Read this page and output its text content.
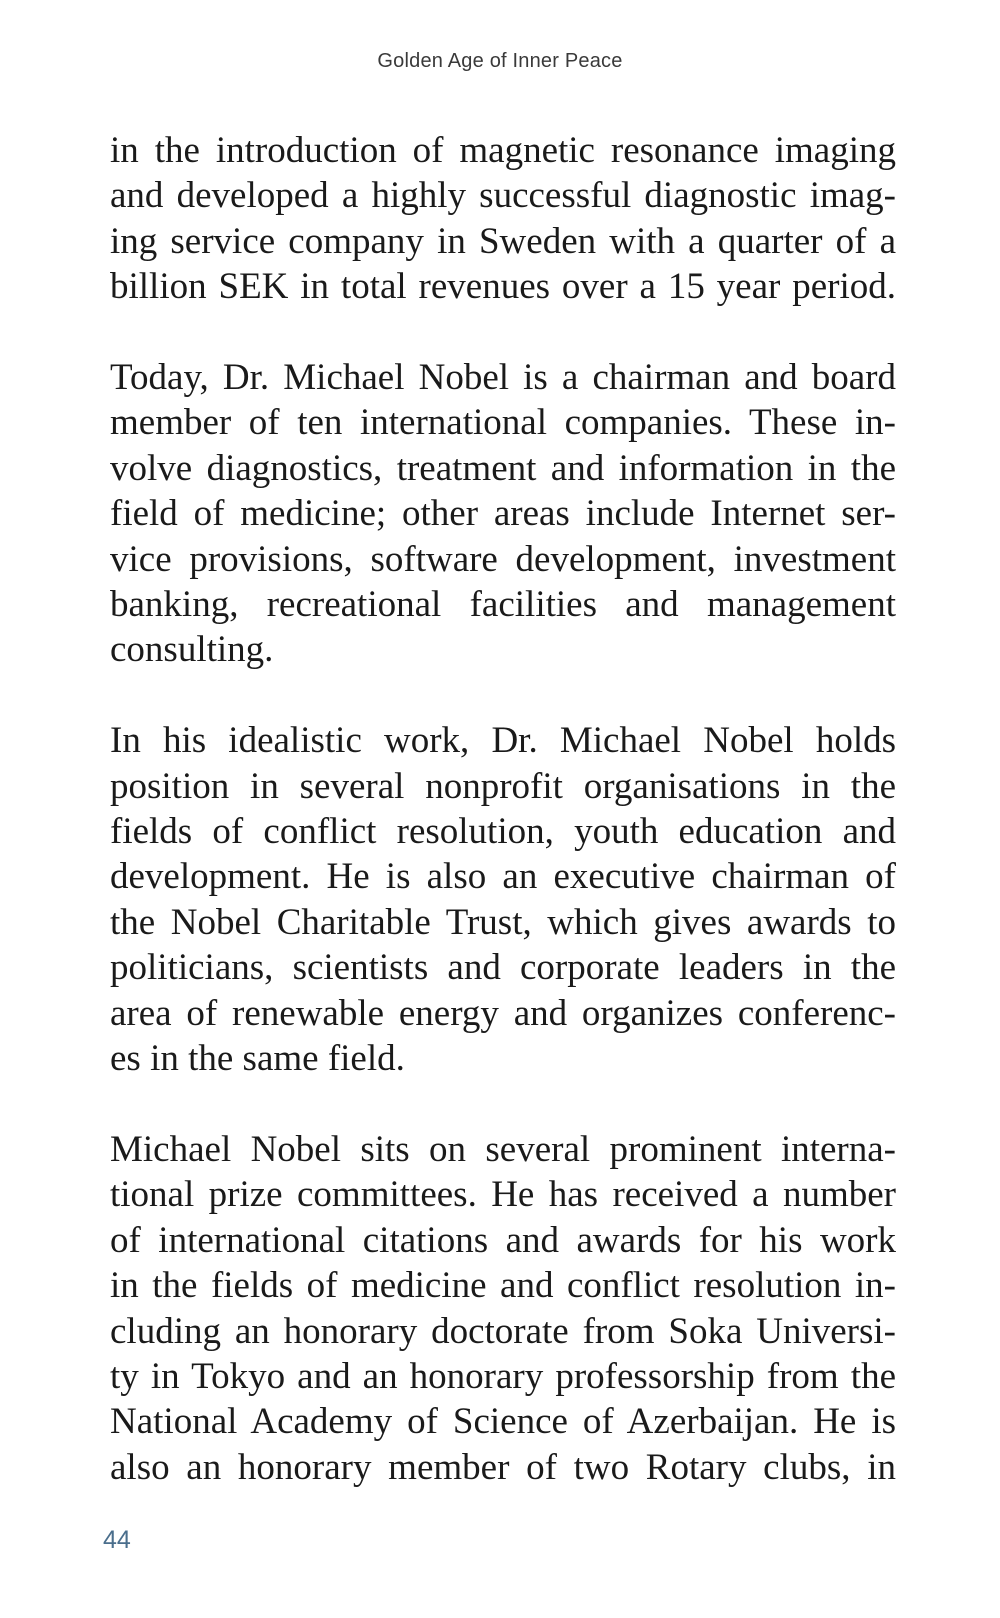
Golden Age of Inner Peace

in the introduction of magnetic resonance imaging
and developed a highly successful diagnostic imag-
ing service company in Sweden with a quarter of a
billion SEK in total revenues over a 15 year period.

Today, Dr. Michael Nobel is a chairman and board
member of ten international companies. These in-
volve diagnostics, treatment and information in the
field of medicine; other areas include Internet ser-
vice provisions, software development, investment
banking, recreational facilities and management
consulting.

In his idealistic work, Dr. Michael Nobel holds
position in several nonprofit organisations in the
fields of conflict resolution, youth education and
development. He is also an executive chairman of
the Nobel Charitable Trust, which gives awards to
politicians, scientists and corporate leaders in the
area of renewable energy and organizes conferenc-
es in the same field.

Michael Nobel sits on several prominent interna-
tional prize committees. He has received a number
of international citations and awards for his work
in the fields of medicine and conflict resolution in-
cluding an honorary doctorate from Soka Universi-
ty in Tokyo and an honorary professorship from the
National Academy of Science of Azerbaijan. He is
also an honorary member of two Rotary clubs, in

44
